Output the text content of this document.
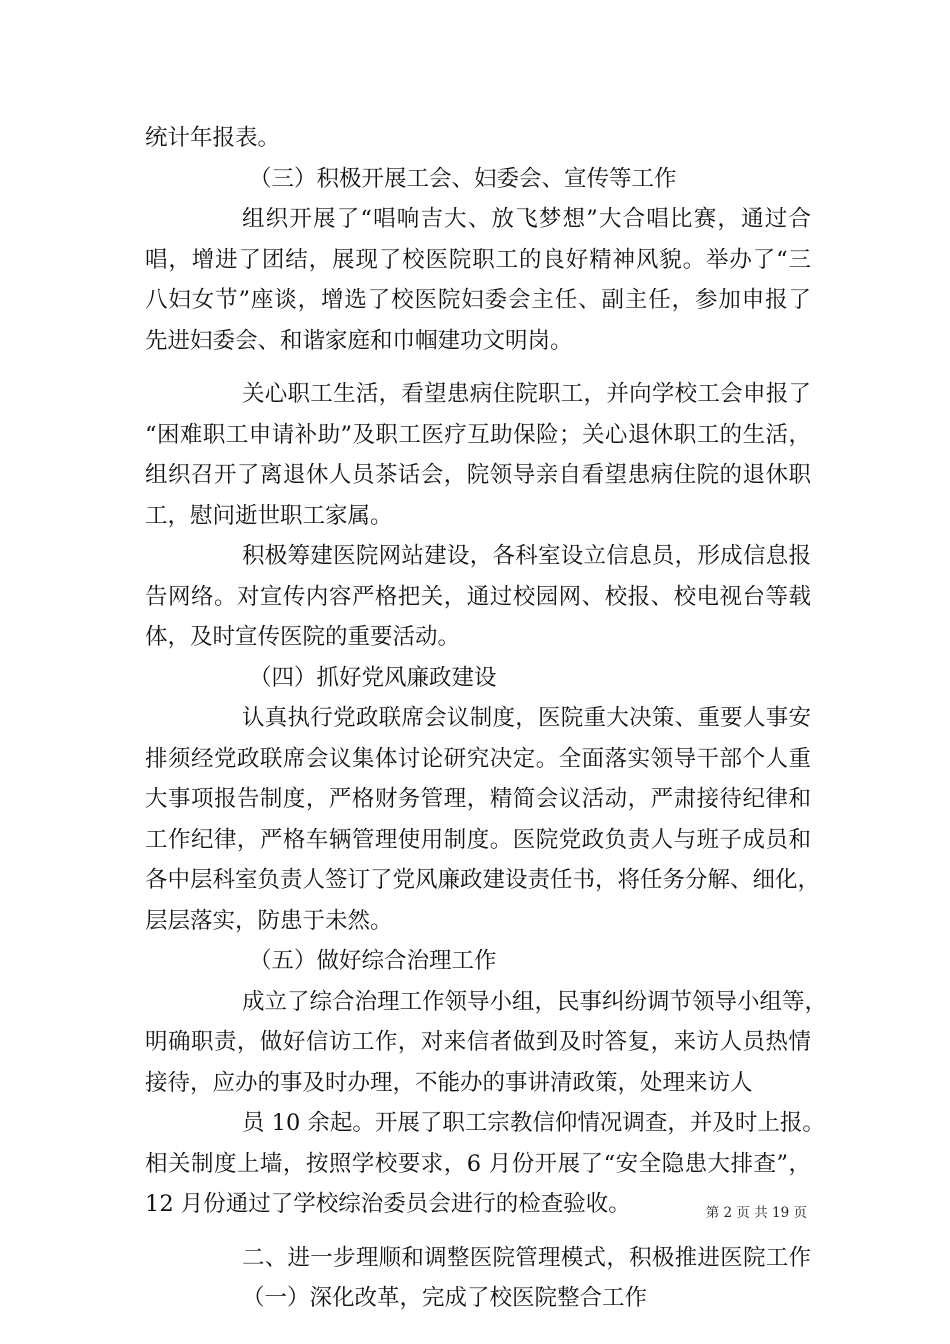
统计年报表。
（三）积极开展工会、妇委会、宣传等工作
组织开展了“唱响吉大、放飞梦想”大合唱比赛，通过合
唱，增进了团结，展现了校医院职工的良好精神风貌。举办了“三
八妇女节”座谈，增选了校医院妇委会主任、副主任，参加申报了
先进妇委会、和谐家庭和巾帼建功文明岗。
关心职工生活，看望患病住院职工，并向学校工会申报了
“困难职工申请补助”及职工医疗互助保险；关心退休职工的生活，
组织召开了离退休人员茶话会，院领导亲自看望患病住院的退休职
工，慰问逝世职工家属。
积极筹建医院网站建设，各科室设立信息员，形成信息报
告网络。对宣传内容严格把关，通过校园网、校报、校电视台等载
体，及时宣传医院的重要活动。
（四）抓好党风廉政建设
认真执行党政联席会议制度，医院重大决策、重要人事安
排须经党政联席会议集体讨论研究决定。全面落实领导干部个人重
大事项报告制度，严格财务管理，精简会议活动，严肃接待纪律和
工作纪律，严格车辆管理使用制度。医院党政负责人与班子成员和
各中层科室负责人签订了党风廉政建设责任书，将任务分解、细化，
层层落实，防患于未然。
（五）做好综合治理工作
成立了综合治理工作领导小组，民事纠纷调节领导小组等，
明确职责，做好信访工作，对来信者做到及时答复，来访人员热情
接待，应办的事及时办理，不能办的事讲清政策，处理来访人
员 10 余起。开展了职工宗教信仰情况调查，并及时上报。
相关制度上墙，按照学校要求，6 月份开展了“安全隐患大排查”，
12 月份通过了学校综治委员会进行的检查验收。
二、进一步理顺和调整医院管理模式，积极推进医院工作
（一）深化改革，完成了校医院整合工作
第 2 页 共 19 页
